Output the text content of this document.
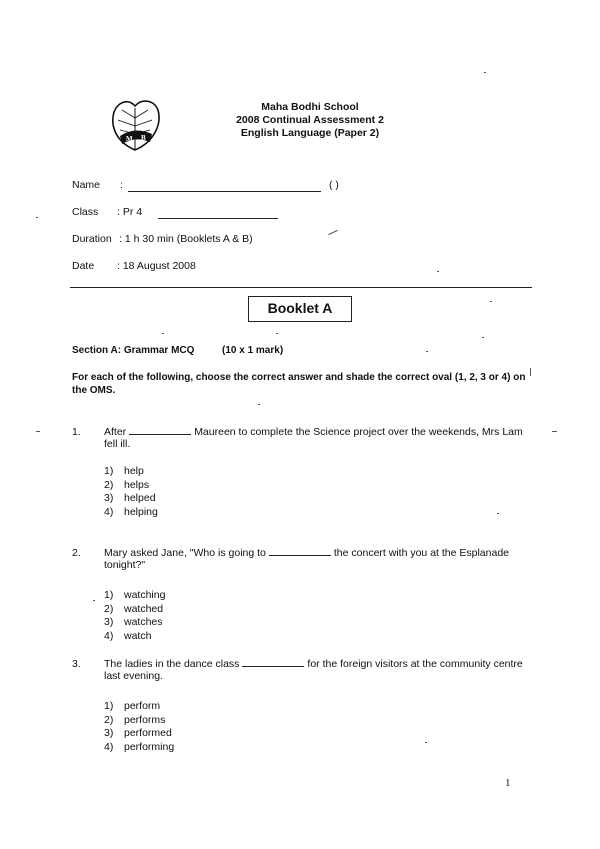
M B
Maha Bodhi School
2008 Continual Assessment 2
English Language (Paper 2)
Name :	( )
Class : Pr 4
Duration : 1 h 30 min (Booklets A & B)
Date : 18 August 2008
Booklet A
Section A: Grammar MCQ	(10 x 1 mark)
For each of the following, choose the correct answer and shade the correct oval (1, 2, 3 or 4) on the OMS.
1. After	Maureen to complete the Science project over the weekends, Mrs Lam fell ill.
1) help
2) helps
3) helped
4) helping
2. Mary asked Jane, "Who is going to	the concert with you at the Esplanade tonight?"
1) watching
2) watched
3) watches
4) watch
3. The ladies in the dance class	for the foreign visitors at the community centre last evening.
1) perform
2) performs
3) performed
4) performing
1
